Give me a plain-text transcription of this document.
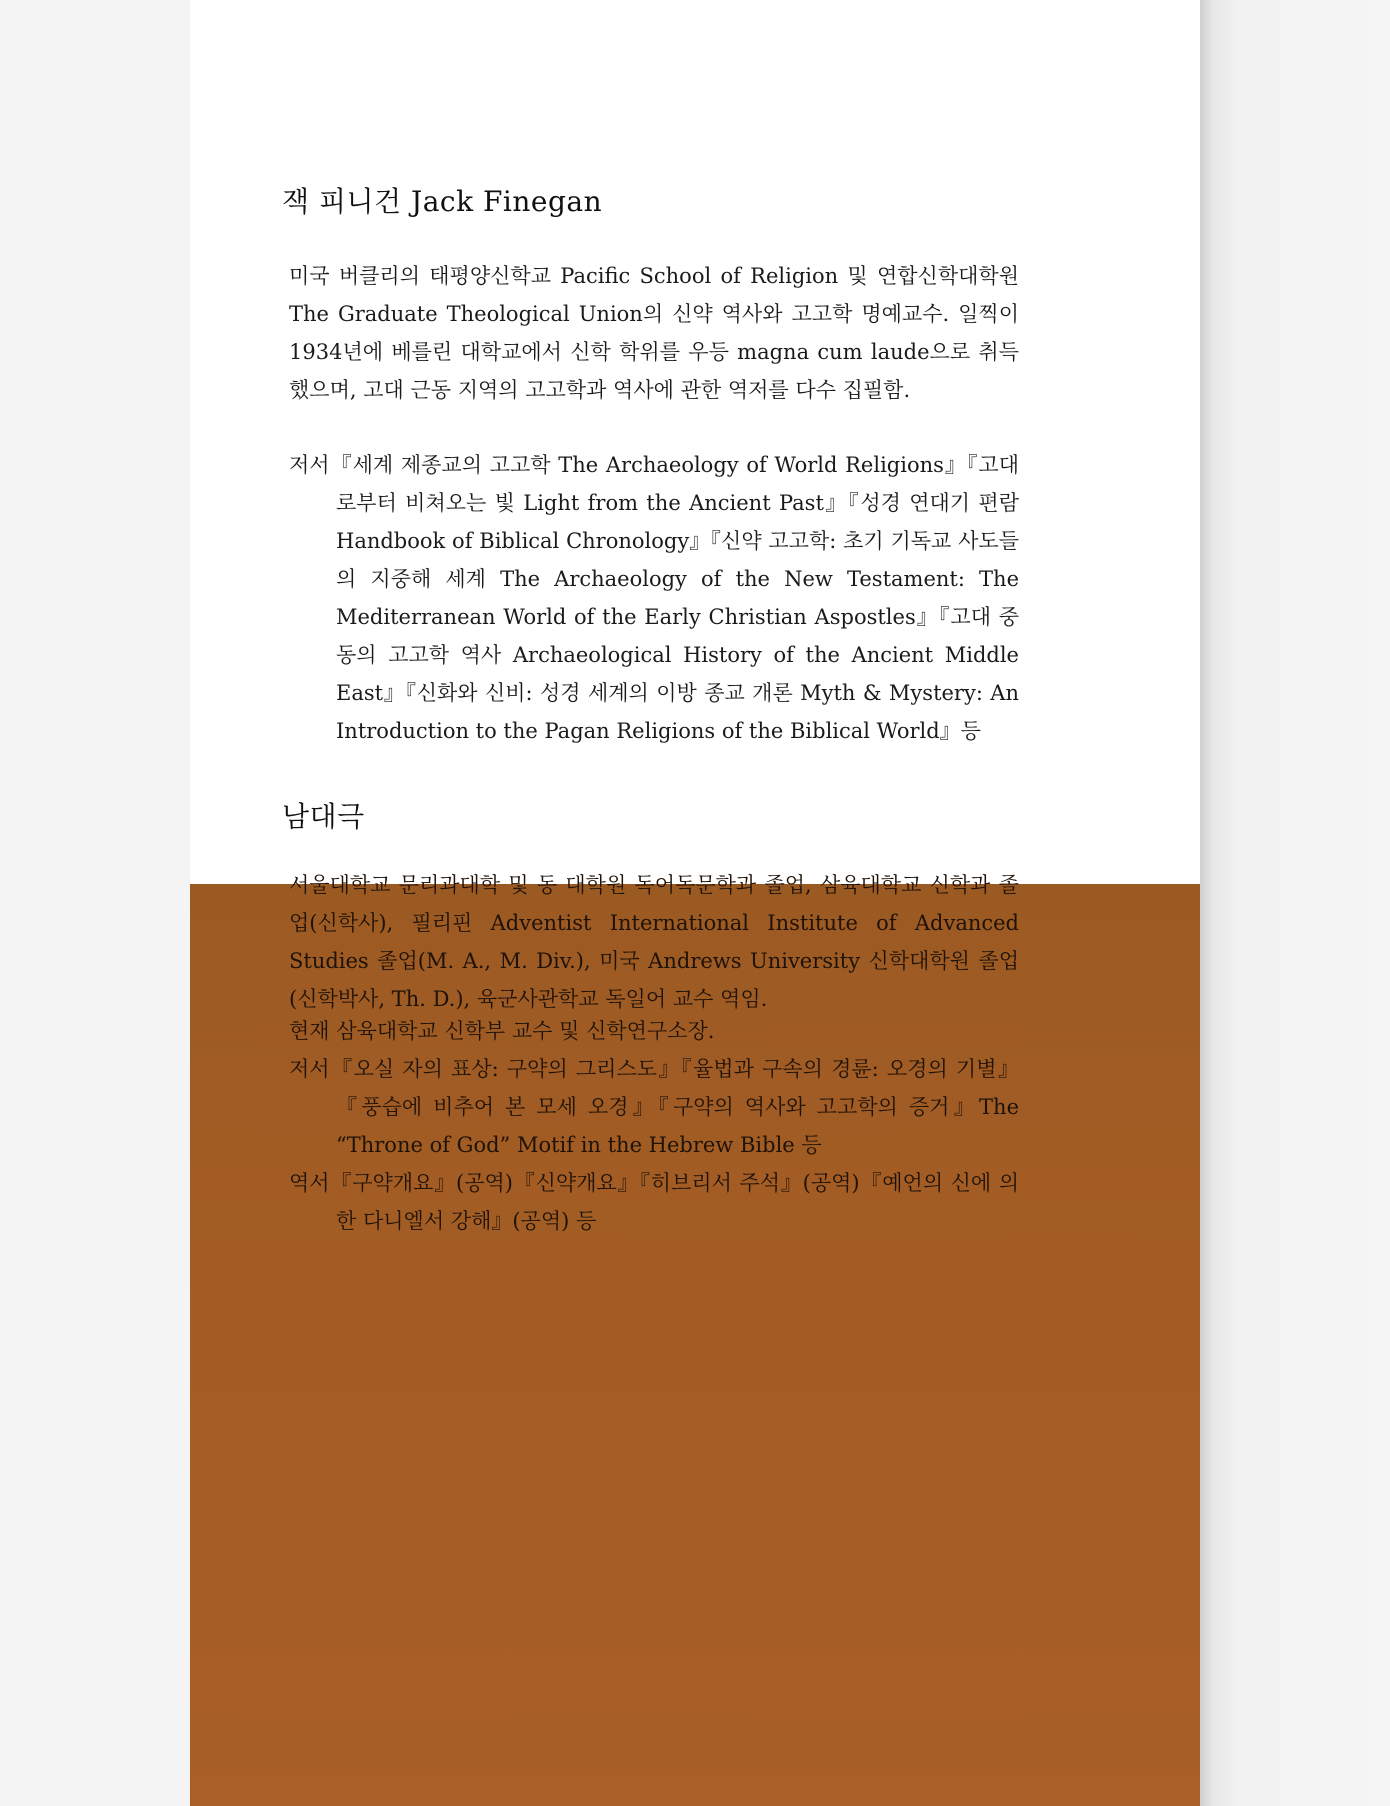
잭 피니건 Jack Finegan
미국 버클리의 태평양신학교 Pacific School of Religion 및 연합신학대학원 The Graduate Theological Union의 신약 역사와 고고학 명예교수. 일찍이 1934년에 베를린 대학교에서 신학 학위를 우등 magna cum laude으로 취득했으며, 고대 근동 지역의 고고학과 역사에 관한 역저를 다수 집필함.
저서『세계 제종교의 고고학 The Archaeology of World Religions』『고대로부터 비쳐오는 빛 Light from the Ancient Past』『성경 연대기 편람 Handbook of Biblical Chronology』『신약 고고학: 초기 기독교 사도들의 지중해 세계 The Archaeology of the New Testament: The Mediterranean World of the Early Christian Aspostles』『고대 중동의 고고학 역사 Archaeological History of the Ancient Middle East』『신화와 신비: 성경 세계의 이방 종교 개론 Myth & Mystery: An Introduction to the Pagan Religions of the Biblical World』등
남대극
서울대학교 문리과대학 및 동 대학원 독어독문학과 졸업, 삼육대학교 신학과 졸업(신학사), 필리핀 Adventist International Institute of Advanced Studies 졸업(M. A., M. Div.), 미국 Andrews University 신학대학원 졸업(신학박사, Th. D.), 육군사관학교 독일어 교수 역임.
현재 삼육대학교 신학부 교수 및 신학연구소장.
저서『오실 자의 표상: 구약의 그리스도』『율법과 구속의 경륜: 오경의 기별』『풍습에 비추어 본 모세 오경』『구약의 역사와 고고학의 증거』The “Throne of God” Motif in the Hebrew Bible 등
역서『구약개요』(공역)『신약개요』『히브리서 주석』(공역)『예언의 신에 의한 다니엘서 강해』(공역) 등
